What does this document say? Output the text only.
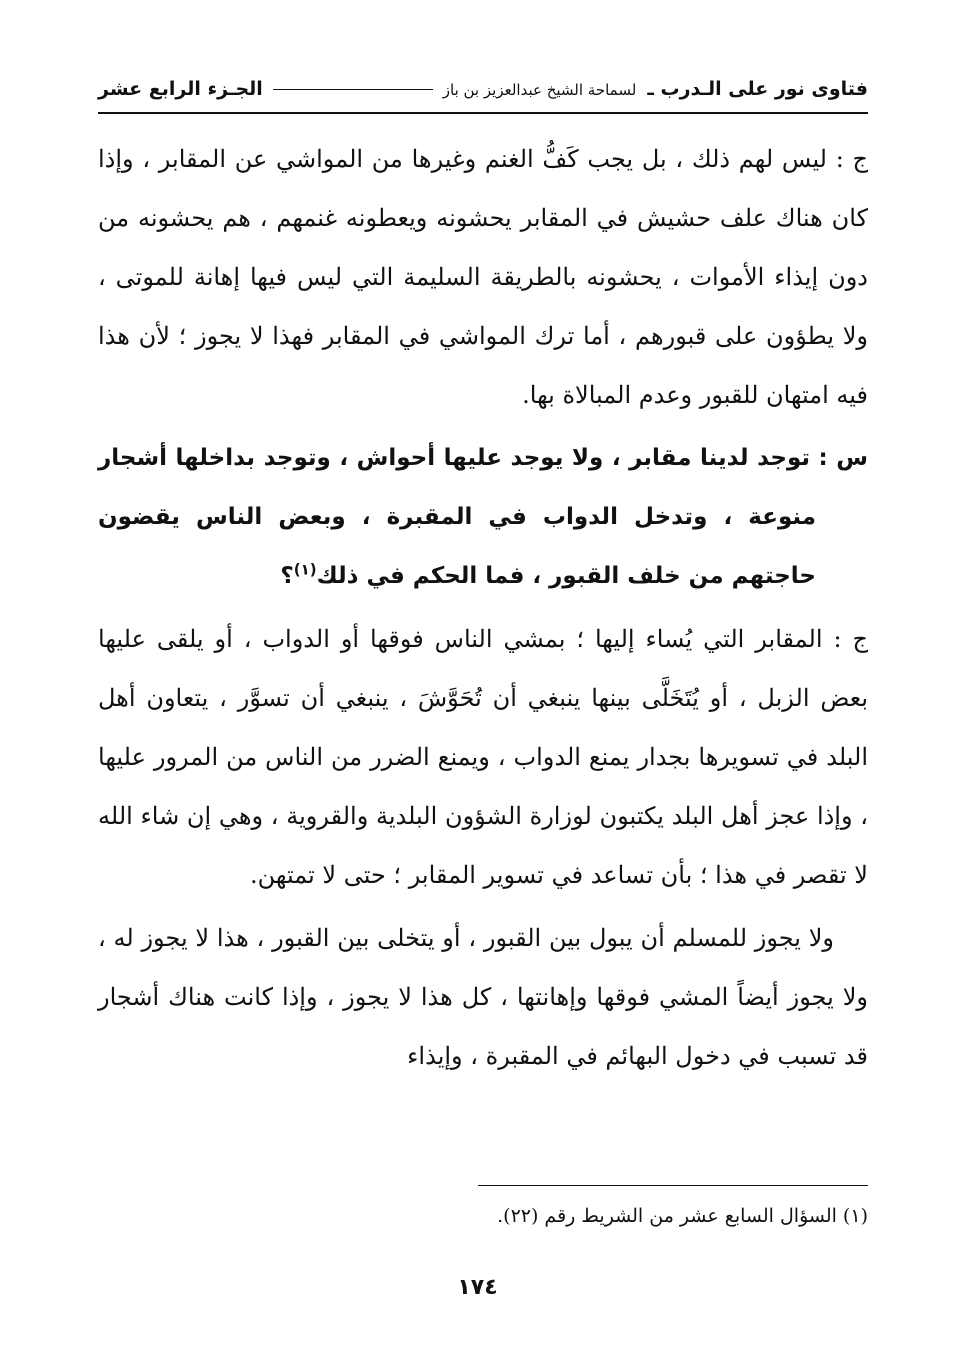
فتاوى نور على الـدرب ـ لسماحة الشيخ عبدالعزيز بن باز
الجـزء الرابع عشر

ج : ليس لهم ذلك ، بل يجب كَفُّ الغنم وغيرها من المواشي عن المقابر ، وإذا كان هناك علف حشيش في المقابر يحشونه ويعطونه غنمهم ، هم يحشونه من دون إيذاء الأموات ، يحشونه بالطريقة السليمة التي ليس فيها إهانة للموتى ، ولا يطؤون على قبورهم ، أما ترك المواشي في المقابر فهذا لا يجوز ؛ لأن هذا فيه امتهان للقبور وعدم المبالاة بها.

س : توجد لدينا مقابر ، ولا يوجد عليها أحواش ، وتوجد بداخلها أشجار منوعة ، وتدخل الدواب في المقبرة ، وبعض الناس يقضون حاجتهم من خلف القبور ، فما الحكم في ذلك$^{(١)}$؟

ج : المقابر التي يُساء إليها ؛ بمشي الناس فوقها أو الدواب ، أو يلقى عليها بعض الزبل ، أو يُتَخَلَّى بينها ينبغي أن تُحَوَّشَ ، ينبغي أن تسوَّر ، يتعاون أهل البلد في تسويرها بجدار يمنع الدواب ، ويمنع الضرر من الناس من المرور عليها ، وإذا عجز أهل البلد يكتبون لوزارة الشؤون البلدية والقروية ، وهي إن شاء الله لا تقصر في هذا ؛ بأن تساعد في تسوير المقابر ؛ حتى لا تمتهن.

ولا يجوز للمسلم أن يبول بين القبور ، أو يتخلى بين القبور ، هذا لا يجوز له ، ولا يجوز أيضاً المشي فوقها وإهانتها ، كل هذا لا يجوز ، وإذا كانت هناك أشجار قد تسبب في دخول البهائم في المقبرة ، وإيذاء

(١) السؤال السابع عشر من الشريط رقم (٢٢).
١٧٤
